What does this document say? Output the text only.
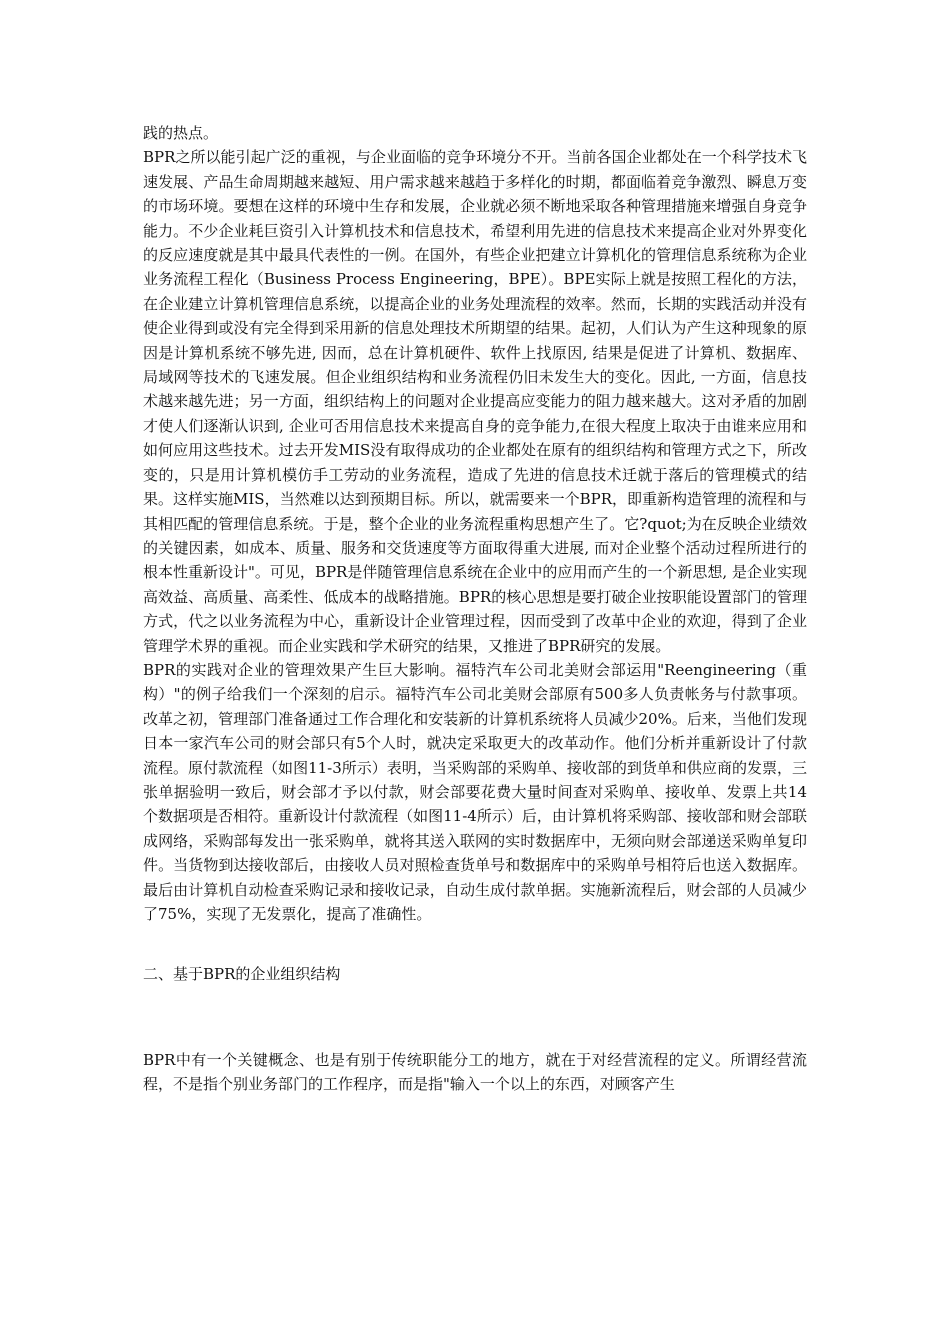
践的热点。

BPR之所以能引起广泛的重视，与企业面临的竞争环境分不开。当前各国企业都处在一个科学技术飞速发展、产品生命周期越来越短、用户需求越来越趋于多样化的时期，都面临着竞争激烈、瞬息万变的市场环境。要想在这样的环境中生存和发展，企业就必须不断地采取各种管理措施来增强自身竞争能力。不少企业耗巨资引入计算机技术和信息技术，希望利用先进的信息技术来提高企业对外界变化的反应速度就是其中最具代表性的一例。在国外，有些企业把建立计算机化的管理信息系统称为企业业务流程工程化（Business Process Engineering，BPE）。BPE实际上就是按照工程化的方法，在企业建立计算机管理信息系统，以提高企业的业务处理流程的效率。然而，长期的实践活动并没有使企业得到或没有完全得到采用新的信息处理技术所期望的结果。起初，人们认为产生这种现象的原因是计算机系统不够先进, 因而，总在计算机硬件、软件上找原因, 结果是促进了计算机、数据库、局域网等技术的飞速发展。但企业组织结构和业务流程仍旧未发生大的变化。因此, 一方面，信息技术越来越先进；另一方面，组织结构上的问题对企业提高应变能力的阻力越来越大。这对矛盾的加剧才使人们逐渐认识到, 企业可否用信息技术来提高自身的竞争能力,在很大程度上取决于由谁来应用和如何应用这些技术。过去开发MIS没有取得成功的企业都处在原有的组织结构和管理方式之下，所改变的，只是用计算机模仿手工劳动的业务流程，造成了先进的信息技术迁就于落后的管理模式的结果。这样实施MIS，当然难以达到预期目标。所以，就需要来一个BPR，即重新构造管理的流程和与其相匹配的管理信息系统。于是，整个企业的业务流程重构思想产生了。它?quot;为在反映企业绩效的关键因素，如成本、质量、服务和交货速度等方面取得重大进展, 而对企业整个活动过程所进行的根本性重新设计"。可见，BPR是伴随管理信息系统在企业中的应用而产生的一个新思想, 是企业实现高效益、高质量、高柔性、低成本的战略措施。BPR的核心思想是要打破企业按职能设置部门的管理方式，代之以业务流程为中心，重新设计企业管理过程，因而受到了改革中企业的欢迎，得到了企业管理学术界的重视。而企业实践和学术研究的结果，又推进了BPR研究的发展。

BPR的实践对企业的管理效果产生巨大影响。福特汽车公司北美财会部运用"Reengineering（重构）"的例子给我们一个深刻的启示。福特汽车公司北美财会部原有500多人负责帐务与付款事项。改革之初，管理部门准备通过工作合理化和安装新的计算机系统将人员减少20%。后来，当他们发现日本一家汽车公司的财会部只有5个人时，就决定采取更大的改革动作。他们分析并重新设计了付款流程。原付款流程（如图11-3所示）表明，当采购部的采购单、接收部的到货单和供应商的发票，三张单据验明一致后，财会部才予以付款，财会部要花费大量时间查对采购单、接收单、发票上共14个数据项是否相符。重新设计付款流程（如图11-4所示）后，由计算机将采购部、接收部和财会部联成网络，采购部每发出一张采购单，就将其送入联网的实时数据库中，无须向财会部递送采购单复印件。当货物到达接收部后，由接收人员对照检查货单号和数据库中的采购单号相符后也送入数据库。最后由计算机自动检查采购记录和接收记录，自动生成付款单据。实施新流程后，财会部的人员减少了75%，实现了无发票化，提高了准确性。

二、基于BPR的企业组织结构

BPR中有一个关键概念、也是有别于传统职能分工的地方，就在于对经营流程的定义。所谓经营流程，不是指个别业务部门的工作程序，而是指"输入一个以上的东西，对顾客产生
